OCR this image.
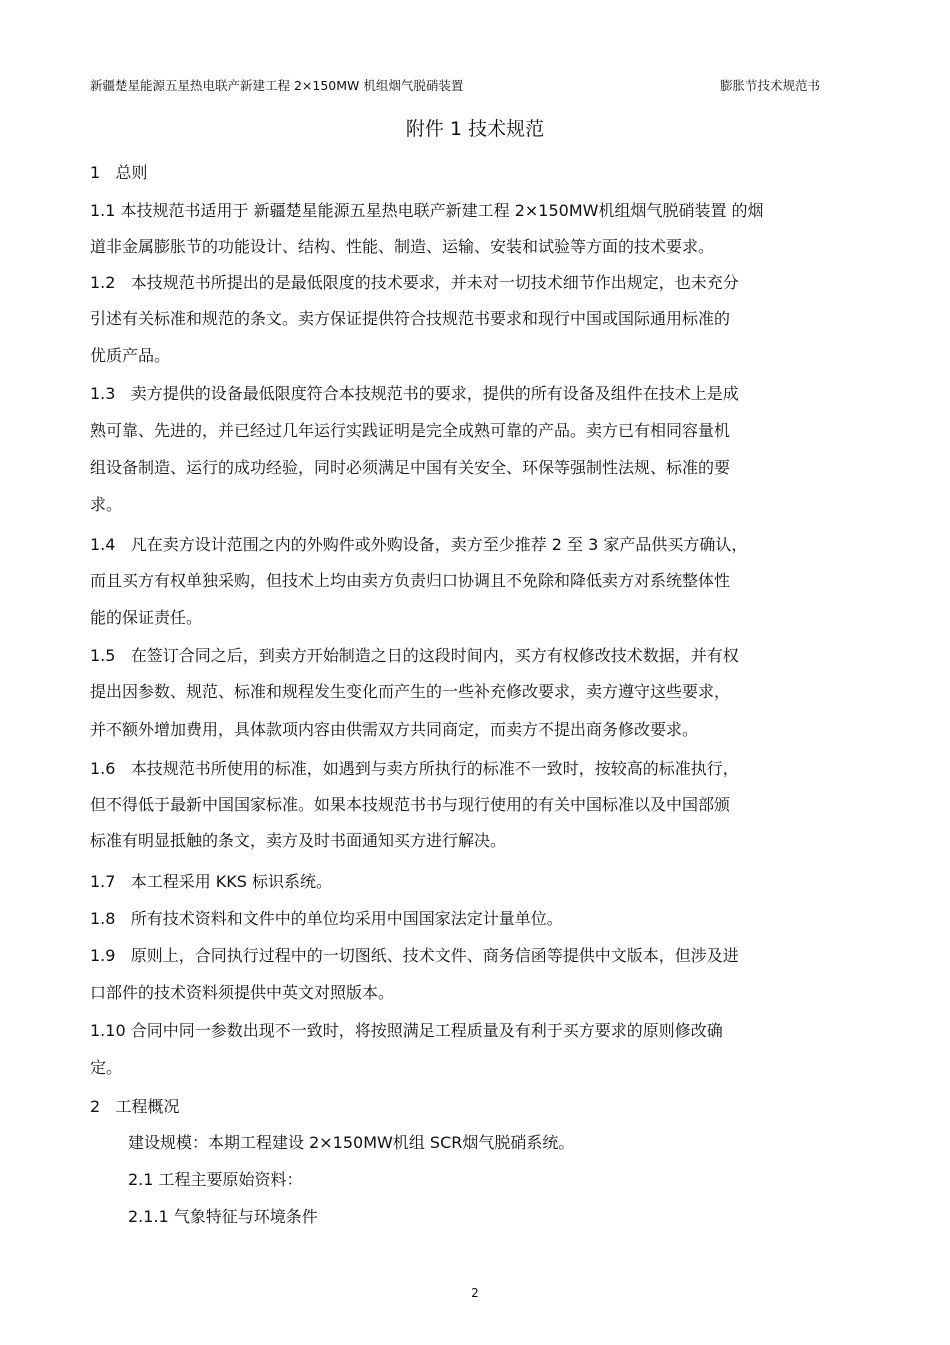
新疆楚星能源五星热电联产新建工程 2×150MW 机组烟气脱硝装置	膨胀节技术规范书
附件 1 技术规范
1   总则
1.1 本技规范书适用于 新疆楚星能源五星热电联产新建工程 2×150MW机组烟气脱硝装置 的烟
道非金属膨胀节的功能设计、结构、性能、制造、运输、安装和试验等方面的技术要求。
1.2   本技规范书所提出的是最低限度的技术要求，并未对一切技术细节作出规定，也未充分
引述有关标准和规范的条文。卖方保证提供符合技规范书要求和现行中国或国际通用标准的
优质产品。
1.3   卖方提供的设备最低限度符合本技规范书的要求，提供的所有设备及组件在技术上是成
熟可靠、先进的，并已经过几年运行实践证明是完全成熟可靠的产品。卖方已有相同容量机
组设备制造、运行的成功经验，同时必须满足中国有关安全、环保等强制性法规、标准的要
求。
1.4   凡在卖方设计范围之内的外购件或外购设备，卖方至少推荐 2 至 3 家产品供买方确认，
而且买方有权单独采购，但技术上均由卖方负责归口协调且不免除和降低卖方对系统整体性
能的保证责任。
1.5   在签订合同之后，到卖方开始制造之日的这段时间内，买方有权修改技术数据，并有权
提出因参数、规范、标准和规程发生变化而产生的一些补充修改要求，卖方遵守这些要求，
并不额外增加费用，具体款项内容由供需双方共同商定，而卖方不提出商务修改要求。
1.6   本技规范书所使用的标准，如遇到与卖方所执行的标准不一致时，按较高的标准执行，
但不得低于最新中国国家标准。如果本技规范书书与现行使用的有关中国标准以及中国部颁
标准有明显抵触的条文，卖方及时书面通知买方进行解决。
1.7   本工程采用 KKS 标识系统。
1.8   所有技术资料和文件中的单位均采用中国国家法定计量单位。
1.9   原则上，合同执行过程中的一切图纸、技术文件、商务信函等提供中文版本，但涉及进
口部件的技术资料须提供中英文对照版本。
1.10 合同中同一参数出现不一致时，将按照满足工程质量及有利于买方要求的原则修改确
定。
2   工程概况
建设规模：本期工程建设 2×150MW机组 SCR烟气脱硝系统。
2.1 工程主要原始资料：
2.1.1 气象特征与环境条件
2
